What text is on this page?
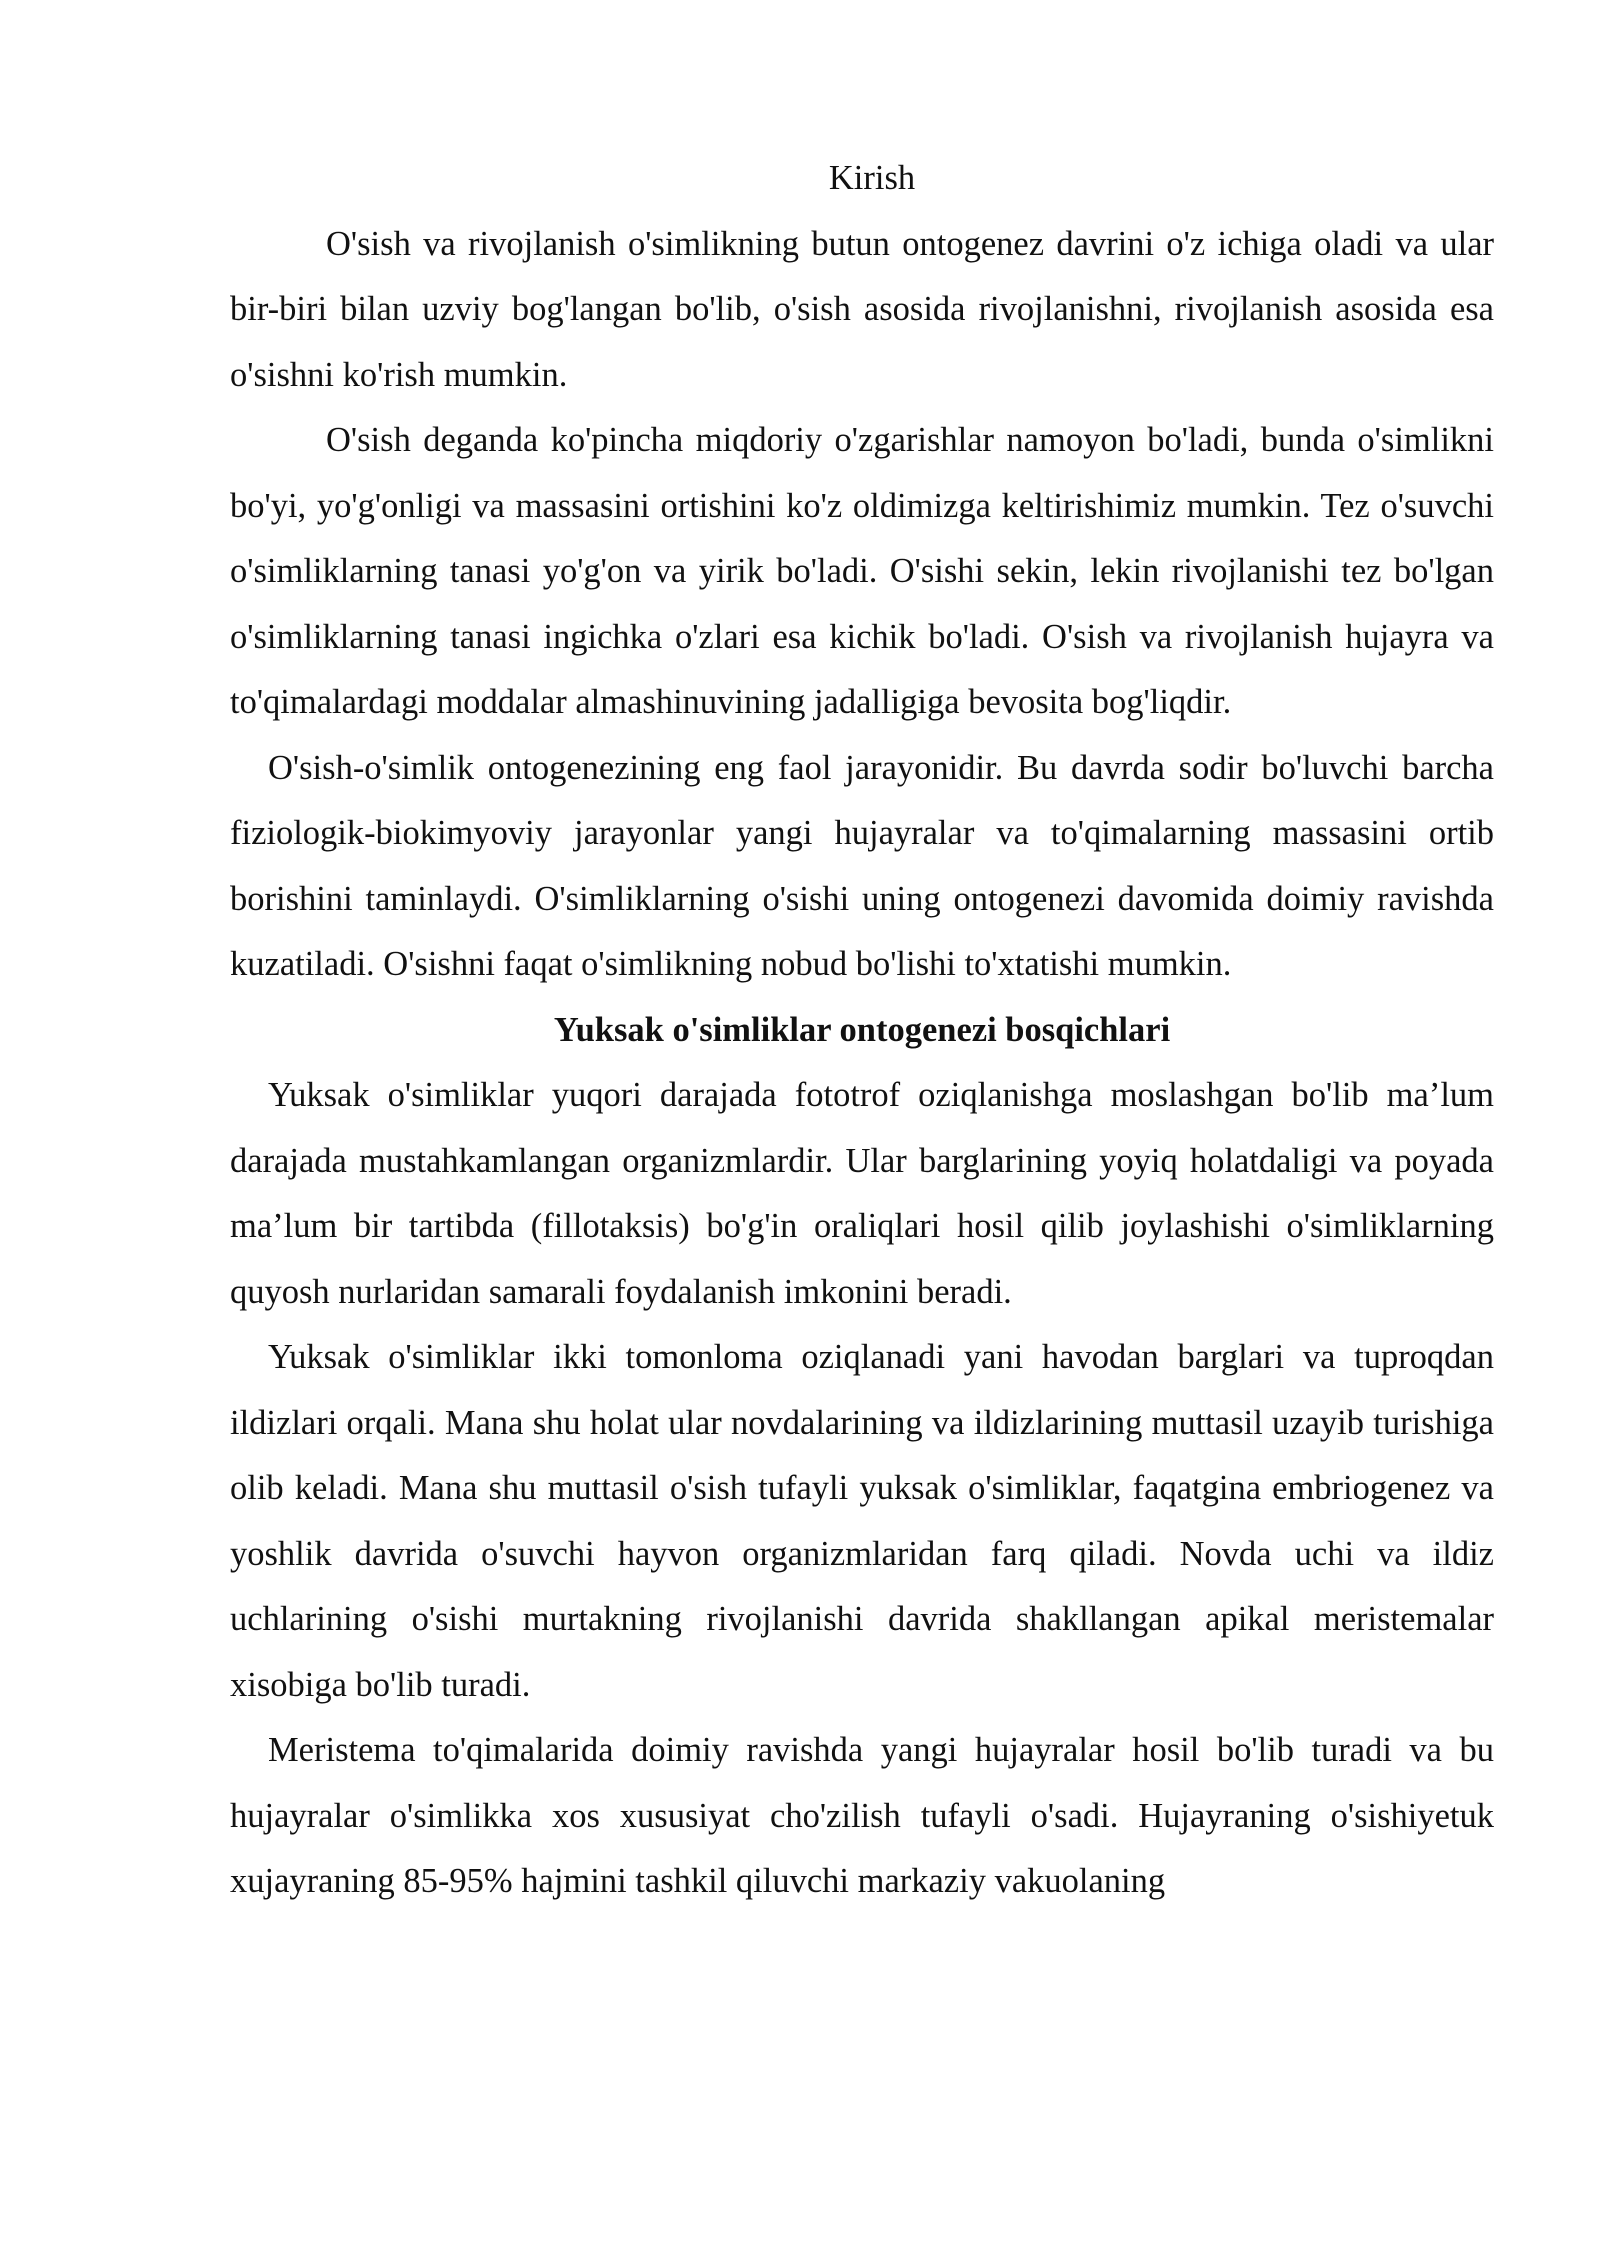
Kirish

O'sish va rivojlanish o'simlikning butun ontogenez davrini o'z ichiga oladi va ular bir-biri bilan uzviy bog'langan bo'lib, o'sish asosida rivojlanishni, rivojlanish asosida esa o'sishni ko'rish mumkin.

O'sish deganda ko'pincha miqdoriy o'zgarishlar namoyon bo'ladi, bunda o'simlikni bo'yi, yo'g'onligi va massasini ortishini ko'z oldimizga keltirishimiz mumkin. Tez o'suvchi o'simliklarning tanasi yo'g'on va yirik bo'ladi. O'sishi sekin, lekin rivojlanishi tez bo'lgan o'simliklarning tanasi ingichka o'zlari esa kichik bo'ladi. O'sish va rivojlanish hujayra va to'qimalardagi moddalar almashinuvining jadalligiga bevosita bog'liqdir.

O'sish-o'simlik ontogenezining eng faol jarayonidir. Bu davrda sodir bo'luvchi barcha fiziologik-biokimyoviy jarayonlar yangi hujayralar va to'qimalarning massasini ortib borishini taminlaydi. O'simliklarning o'sishi uning ontogenezi davomida doimiy ravishda kuzatiladi. O'sishni faqat o'simlikning nobud bo'lishi to'xtatishi mumkin.

Yuksak o'simliklar ontogenezi bosqichlari

Yuksak o'simliklar yuqori darajada fototrof oziqlanishga moslashgan bo'lib ma’lum darajada mustahkamlangan organizmlardir. Ular barglarining yoyiq holatdaligi va poyada ma’lum bir tartibda (fillotaksis) bo'g'in oraliqlari hosil qilib joylashishi o'simliklarning quyosh nurlaridan samarali foydalanish imkonini beradi.

Yuksak o'simliklar ikki tomonloma oziqlanadi yani havodan barglari va tuproqdan ildizlari orqali. Mana shu holat ular novdalarining va ildizlarining muttasil uzayib turishiga olib keladi. Mana shu muttasil o'sish tufayli yuksak o'simliklar, faqatgina embriogenez va yoshlik davrida o'suvchi hayvon organizmlaridan farq qiladi. Novda uchi va ildiz uchlarining o'sishi murtakning rivojlanishi davrida shakllangan apikal meristemalar xisobiga bo'lib turadi.

Meristema to'qimalarida doimiy ravishda yangi hujayralar hosil bo'lib turadi va bu hujayralar o'simlikka xos xususiyat cho'zilish tufayli o'sadi. Hujayraning o'sishiyetuk xujayraning 85-95% hajmini tashkil qiluvchi markaziy vakuolaning
